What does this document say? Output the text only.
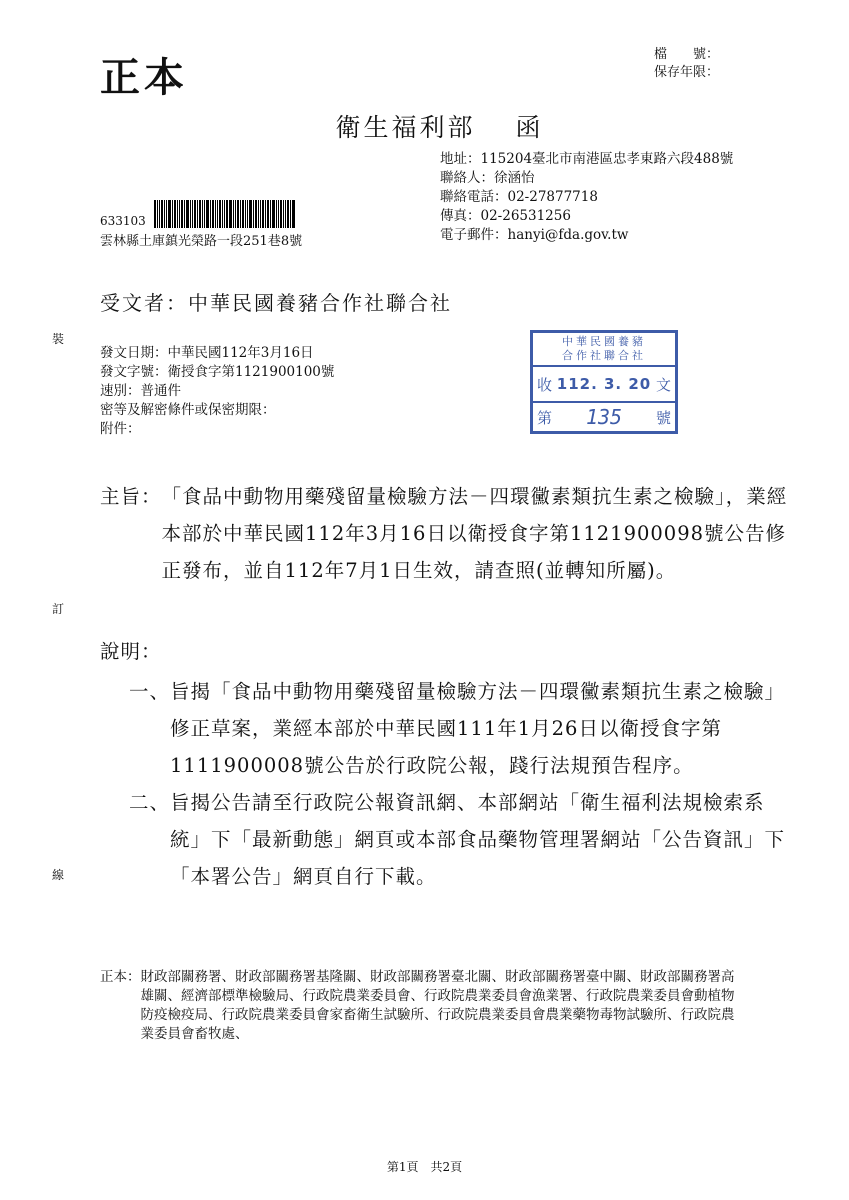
正本	檔　　號：
保存年限：
衛生福利部 函
地址：115204臺北市南港區忠孝東路六段488號
聯絡人：徐涵怡
聯絡電話：02-27877718
傳真：02-26531256
電子郵件：hanyi@fda.gov.tw
633103
雲林縣土庫鎮光榮路一段251巷8號
受文者：中華民國養豬合作社聯合社
發文日期：中華民國112年3月16日
發文字號：衛授食字第1121900100號
速別：普通件
密等及解密條件或保密期限：
附件：
中華民國養豬
合作社聯合社
收 112. 3. 20 文
第 135 號
主旨： 「食品中動物用藥殘留量檢驗方法－四環黴素類抗生素之檢驗」，業經本部於中華民國112年3月16日以衛授食字第1121900098號公告修正發布，並自112年7月1日生效，請查照(並轉知所屬)。
說明：
一、 旨揭「食品中動物用藥殘留量檢驗方法－四環黴素類抗生素之檢驗」修正草案，業經本部於中華民國111年1月26日以衛授食字第1111900008號公告於行政院公報，踐行法規預告程序。
二、 旨揭公告請至行政院公報資訊網、本部網站「衛生福利法規檢索系統」下「最新動態」網頁或本部食品藥物管理署網站「公告資訊」下「本署公告」網頁自行下載。
正本： 財政部關務署、財政部關務署基隆關、財政部關務署臺北關、財政部關務署臺中關、財政部關務署高雄關、經濟部標準檢驗局、行政院農業委員會、行政院農業委員會漁業署、行政院農業委員會動植物防疫檢疫局、行政院農業委員會家畜衛生試驗所、行政院農業委員會農業藥物毒物試驗所、行政院農業委員會畜牧處、
裝
訂
線
第1頁　共2頁
